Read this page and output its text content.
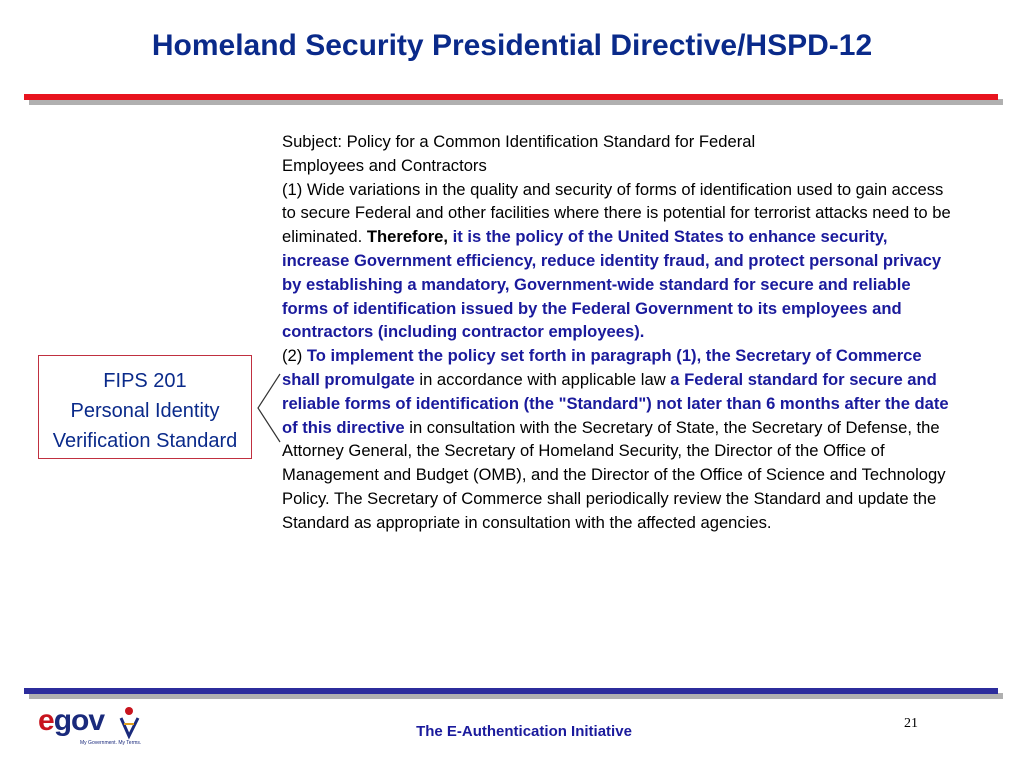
Homeland Security Presidential Directive/HSPD-12

Subject: Policy for a Common Identification Standard for Federal
Employees and Contractors

(1) Wide variations in the quality and security of forms of identification used to gain access to secure Federal and other facilities where there is potential for terrorist attacks need to be eliminated. Therefore, it is the policy of the United States to enhance security, increase Government efficiency, reduce identity fraud, and protect personal privacy by establishing a mandatory, Government-wide standard for secure and reliable forms of identification issued by the Federal Government to its employees and contractors (including contractor employees).

(2) To implement the policy set forth in paragraph (1), the Secretary of Commerce shall promulgate in accordance with applicable law a Federal standard for secure and reliable forms of identification (the "Standard") not later than 6 months after the date of this directive in consultation with the Secretary of State, the Secretary of Defense, the Attorney General, the Secretary of Homeland Security, the Director of the Office of Management and Budget (OMB), and the Director of the Office of Science and Technology Policy. The Secretary of Commerce shall periodically review the Standard and update the Standard as appropriate in consultation with the affected agencies.

FIPS 201
Personal Identity
Verification Standard
egov
My Government. My Terms.
The E-Authentication Initiative	21
